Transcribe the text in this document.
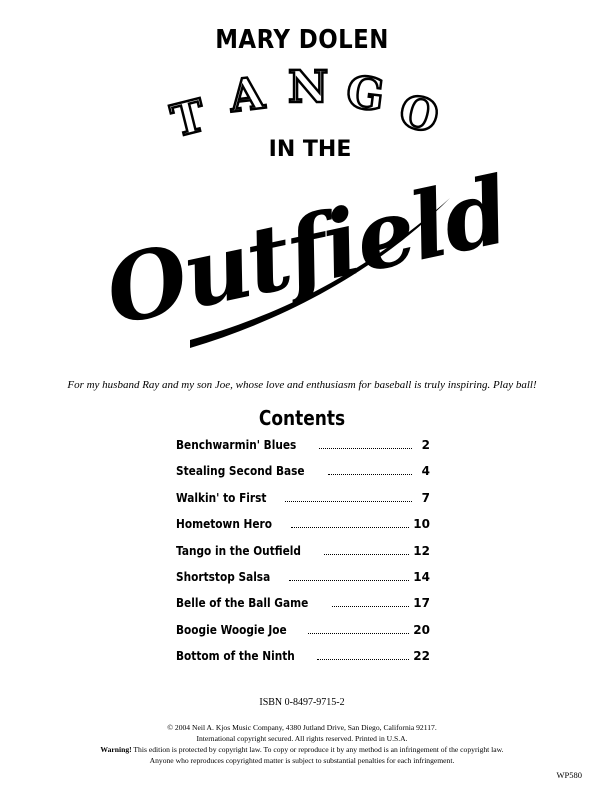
MARY DOLEN
T A N G O
IN THE
Outfield
For my husband Ray and my son Joe, whose love and enthusiasm for baseball is truly inspiring. Play ball!
Contents
Benchwarmin' Blues	2
Stealing Second Base	4
Walkin' to First	7
Hometown Hero	10
Tango in the Outfield	12
Shortstop Salsa	14
Belle of the Ball Game	17
Boogie Woogie Joe	20
Bottom of the Ninth	22
ISBN 0-8497-9715-2
© 2004 Neil A. Kjos Music Company, 4380 Jutland Drive, San Diego, California 92117.
International copyright secured. All rights reserved. Printed in U.S.A.
Warning! This edition is protected by copyright law. To copy or reproduce it by any method is an infringement of the copyright law.
Anyone who reproduces copyrighted matter is subject to substantial penalties for each infringement.
WP580
